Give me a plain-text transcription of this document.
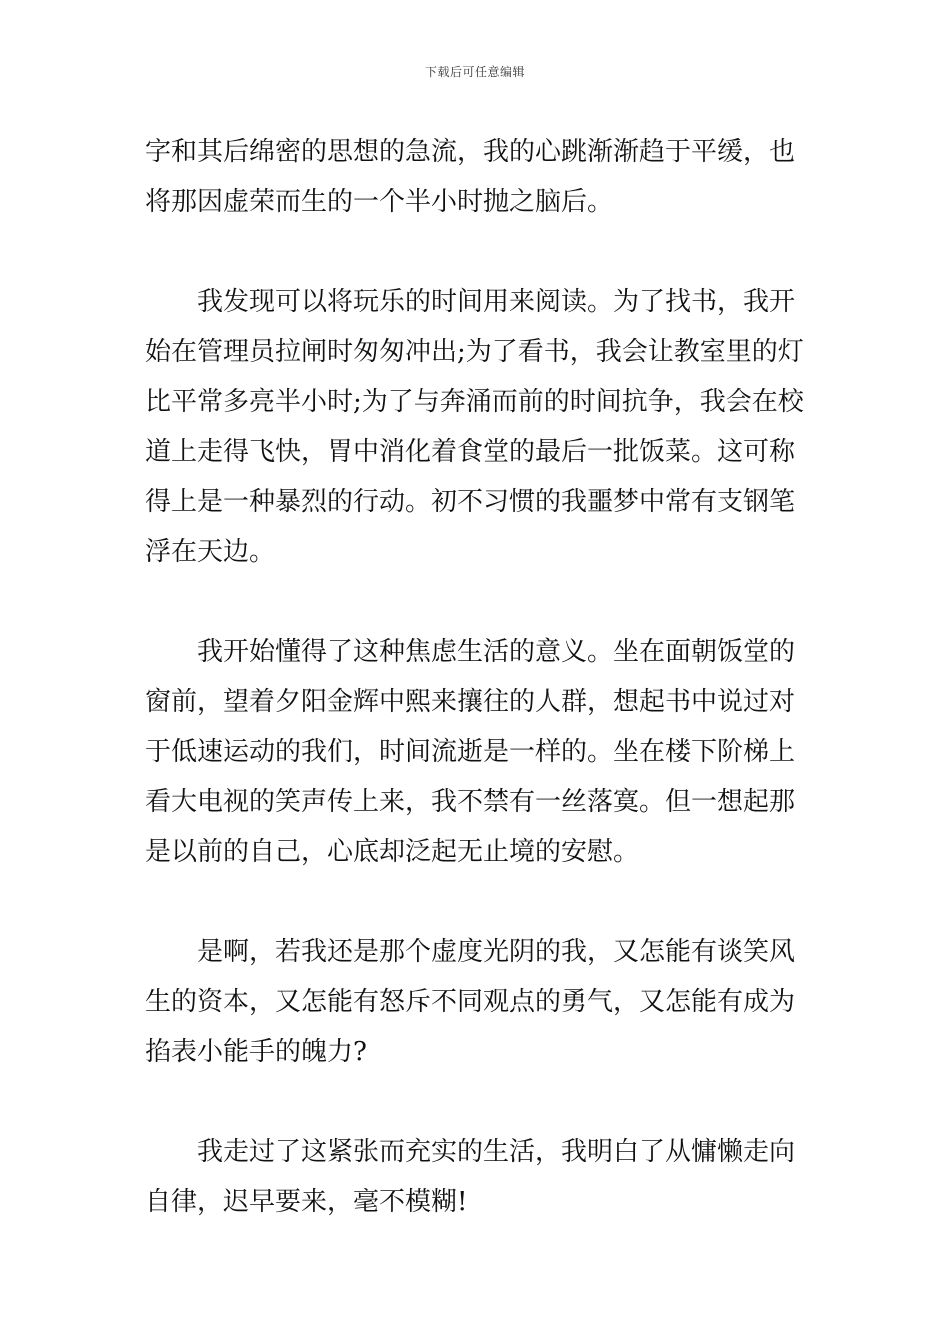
下载后可任意编辑

字和其后绵密的思想的急流，我的心跳渐渐趋于平缓，也将那因虚荣而生的一个半小时抛之脑后。

我发现可以将玩乐的时间用来阅读。为了找书，我开始在管理员拉闸时匆匆冲出;为了看书，我会让教室里的灯比平常多亮半小时;为了与奔涌而前的时间抗争，我会在校道上走得飞快，胃中消化着食堂的最后一批饭菜。这可称得上是一种暴烈的行动。初不习惯的我噩梦中常有支钢笔浮在天边。

我开始懂得了这种焦虑生活的意义。坐在面朝饭堂的窗前，望着夕阳金辉中熙来攘往的人群，想起书中说过对于低速运动的我们，时间流逝是一样的。坐在楼下阶梯上看大电视的笑声传上来，我不禁有一丝落寞。但一想起那是以前的自己，心底却泛起无止境的安慰。

是啊，若我还是那个虚度光阴的我，又怎能有谈笑风生的资本，又怎能有怒斥不同观点的勇气，又怎能有成为掐表小能手的魄力?

我走过了这紧张而充实的生活，我明白了从慵懒走向自律，迟早要来，毫不模糊!
